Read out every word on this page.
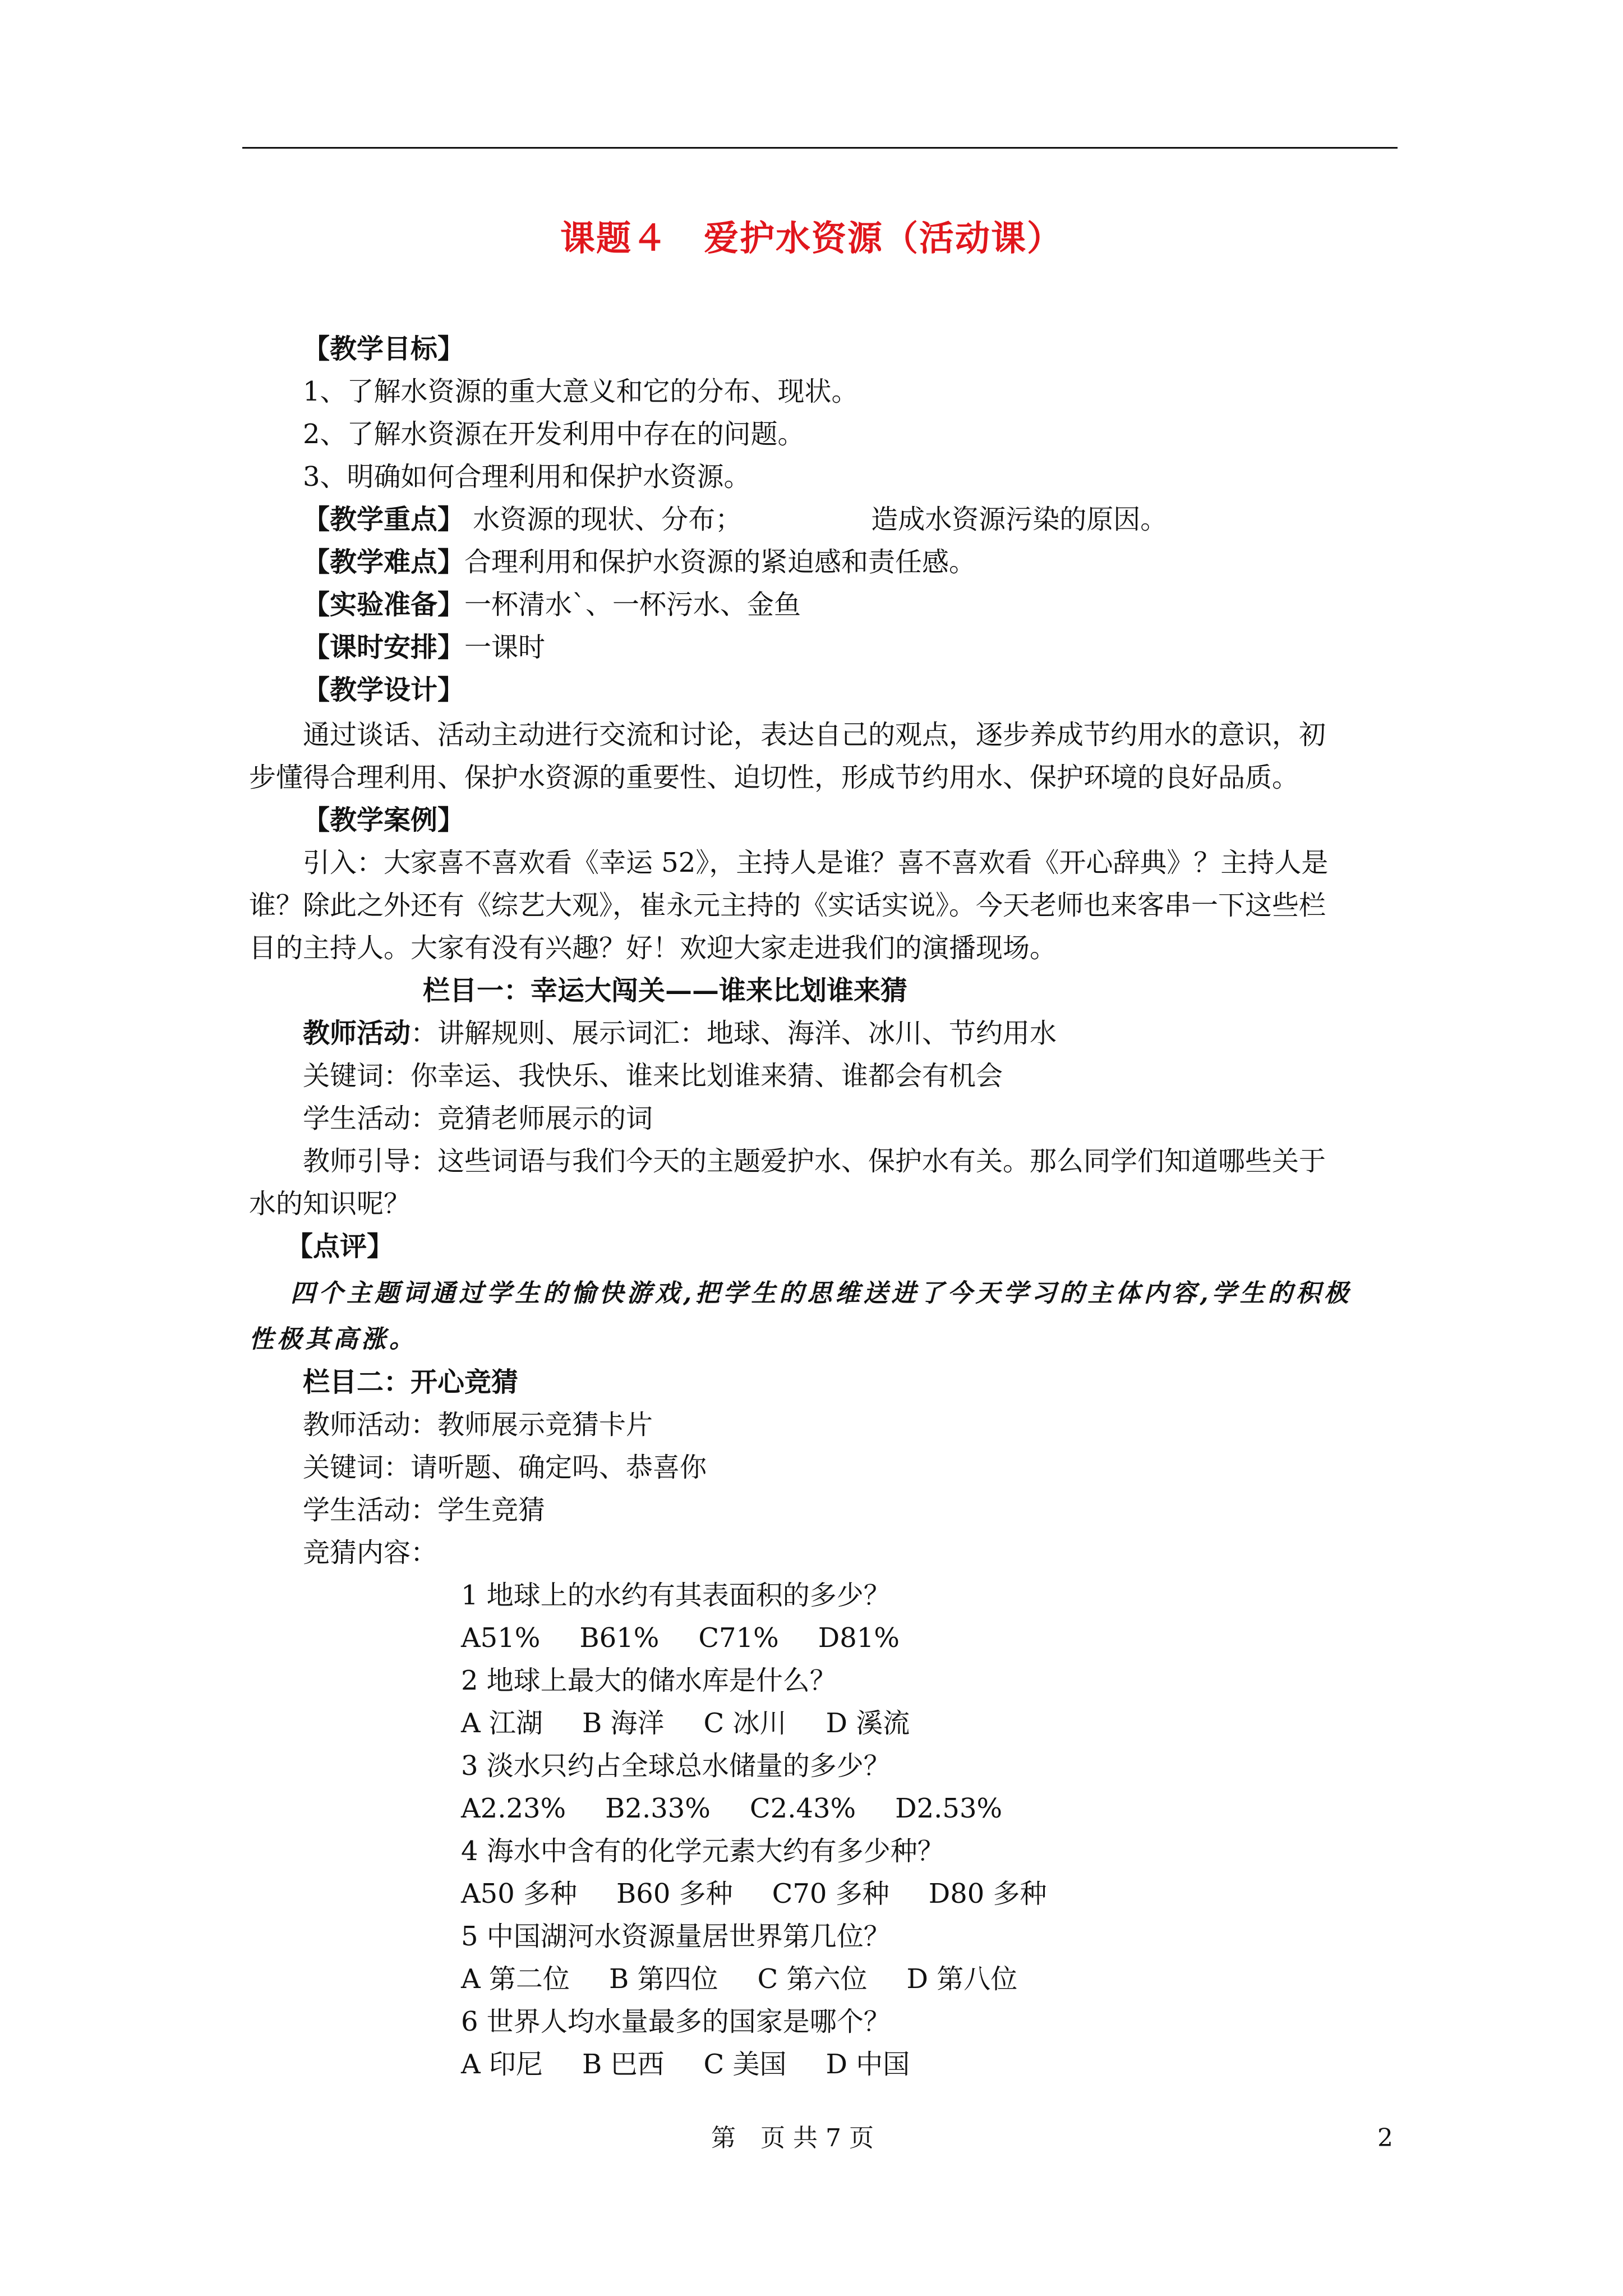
课题４　爱护水资源（活动课）
【教学目标】
1、了解水资源的重大意义和它的分布、现状。
2、了解水资源在开发利用中存在的问题。
3、明确如何合理利用和保护水资源。
【教学重点】 水资源的现状、分布；	造成水资源污染的原因。
【教学难点】合理利用和保护水资源的紧迫感和责任感。
【实验准备】一杯清水`、一杯污水、金鱼
【课时安排】一课时
【教学设计】
通过谈话、活动主动进行交流和讨论，表达自己的观点，逐步养成节约用水的意识，初
步懂得合理利用、保护水资源的重要性、迫切性，形成节约用水、保护环境的良好品质。
【教学案例】
引入：大家喜不喜欢看《幸运 52》，主持人是谁？喜不喜欢看《开心辞典》？主持人是
谁？除此之外还有《综艺大观》，崔永元主持的《实话实说》。今天老师也来客串一下这些栏
目的主持人。大家有没有兴趣？好！欢迎大家走进我们的演播现场。
栏目一：幸运大闯关——谁来比划谁来猜
教师活动：讲解规则、展示词汇：地球、海洋、冰川、节约用水
关键词：你幸运、我快乐、谁来比划谁来猜、谁都会有机会
学生活动：竞猜老师展示的词
教师引导：这些词语与我们今天的主题爱护水、保护水有关。那么同学们知道哪些关于
水的知识呢？
【点评】
四个主题词通过学生的愉快游戏,把学生的思维送进了今天学习的主体内容,学生的积极
性极其高涨。
栏目二：开心竞猜
教师活动：教师展示竞猜卡片
关键词：请听题、确定吗、恭喜你
学生活动：学生竞猜
竞猜内容：
1 地球上的水约有其表面积的多少？
A51% B61% C71% D81%
2 地球上最大的储水库是什么？
A 江湖 B 海洋 C 冰川 D 溪流
3 淡水只约占全球总水储量的多少？
A2.23% B2.33% C2.43% D2.53%
4 海水中含有的化学元素大约有多少种？
A50 多种 B60 多种 C70 多种 D80 多种
5 中国湖河水资源量居世界第几位？
A 第二位 B 第四位 C 第六位 D 第八位
6 世界人均水量最多的国家是哪个？
A 印尼 B 巴西 C 美国 D 中国
第　页 共 7 页	2
